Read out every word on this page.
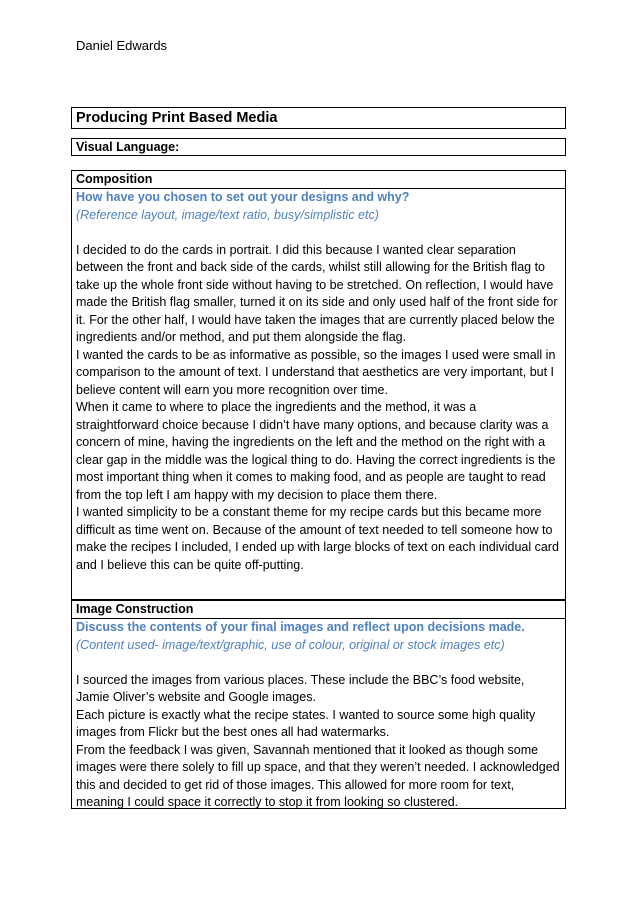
Daniel Edwards
Producing Print Based Media
Visual Language:
Composition

How have you chosen to set out your designs and why?

(Reference layout, image/text ratio, busy/simplistic etc)

I decided to do the cards in portrait. I did this because I wanted clear separation between the front and back side of the cards, whilst still allowing for the British flag to take up the whole front side without having to be stretched. On reflection, I would have made the British flag smaller, turned it on its side and only used half of the front side for it. For the other half, I would have taken the images that are currently placed below the ingredients and/or method, and put them alongside the flag.

I wanted the cards to be as informative as possible, so the images I used were small in comparison to the amount of text. I understand that aesthetics are very important, but I believe content will earn you more recognition over time.

When it came to where to place the ingredients and the method, it was a straightforward choice because I didn’t have many options, and because clarity was a concern of mine, having the ingredients on the left and the method on the right with a clear gap in the middle was the logical thing to do. Having the correct ingredients is the most important thing when it comes to making food, and as people are taught to read from the top left I am happy with my decision to place them there.

I wanted simplicity to be a constant theme for my recipe cards but this became more difficult as time went on. Because of the amount of text needed to tell someone how to make the recipes I included, I ended up with large blocks of text on each individual card and I believe this can be quite off-putting.

Image Construction

Discuss the contents of your final images and reflect upon decisions made.

(Content used- image/text/graphic, use of colour, original or stock images etc)

I sourced the images from various places. These include the BBC’s food website, Jamie Oliver’s website and Google images.

Each picture is exactly what the recipe states. I wanted to source some high quality images from Flickr but the best ones all had watermarks.

From the feedback I was given, Savannah mentioned that it looked as though some images were there solely to fill up space, and that they weren’t needed. I acknowledged this and decided to get rid of those images. This allowed for more room for text, meaning I could space it correctly to stop it from looking so clustered.
